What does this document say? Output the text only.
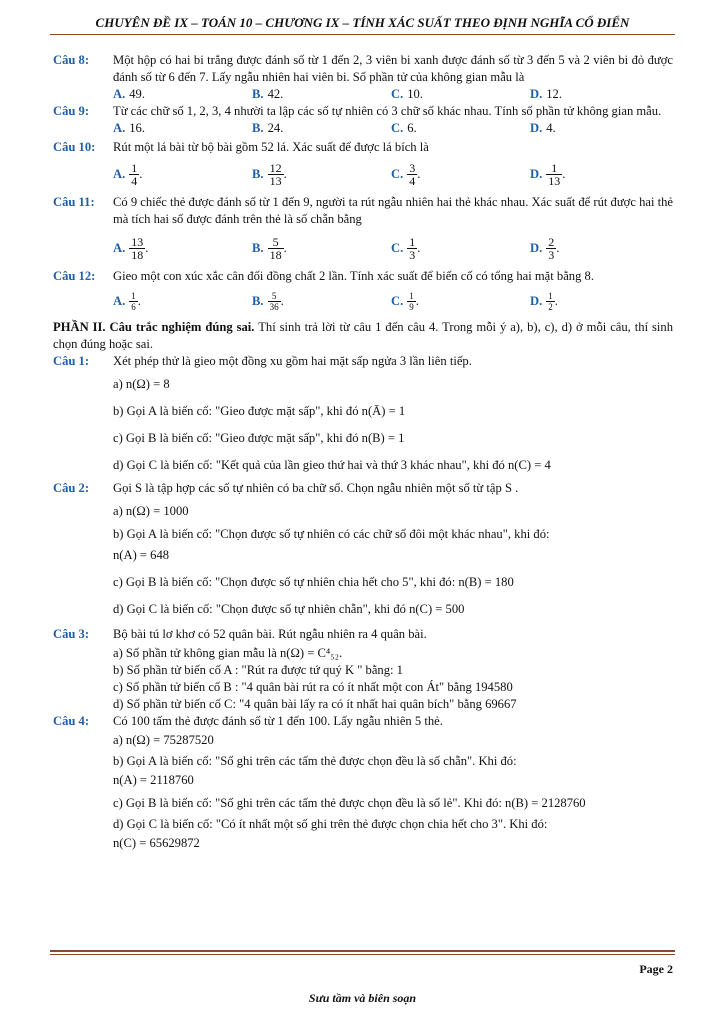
CHUYÊN ĐỀ IX – TOÁN 10 – CHƯƠNG IX – TÍNH XÁC SUẤT THEO ĐỊNH NGHĨA CỔ ĐIỂN
Câu 8:	Một hộp có hai bi trắng được đánh số từ 1 đến 2, 3 viên bi xanh được đánh số từ 3 đến 5 và 2 viên bi đỏ được đánh số từ 6 đến 7. Lấy ngẫu nhiên hai viên bi. Số phần tử của không gian mẫu là
A. 49.	B. 42.	C. 10.	D. 12.
Câu 9:	Từ các chữ số 1, 2, 3, 4 nhười ta lập các số tự nhiên có 3 chữ số khác nhau. Tính số phần tử không gian mẫu.
A. 16.	B. 24.	C. 6.	D. 4.
Câu 10:	Rút một lá bài từ bộ bài gồm 52 lá. Xác suất để được lá bích là
A. $\frac{1}{4}$ .	B. $\frac{12}{13}$ .	C. $\frac{3}{4}$ .	D. $\frac{1}{13}$ .
Câu 11:	Có 9 chiếc thẻ được đánh số từ 1 đến 9, người ta rút ngẫu nhiên hai thẻ khác nhau. Xác suất để rút được hai thẻ mà tích hai số được đánh trên thẻ là số chẵn bằng
A. $\frac{13}{18}$ .	B. $\frac{5}{18}$ .	C. $\frac{1}{3}$ .	D. $\frac{2}{3}$ .
Câu 12:	Gieo một con xúc xắc cân đối đồng chất 2 lần. Tính xác suất để biến cố có tổng hai mặt bằng 8.
A. $\frac{1}{6}$ .	B. $\frac{5}{36}$ .	C. $\frac{1}{9}$ .	D. $\frac{1}{2}$ .
PHẦN II. Câu trắc nghiệm đúng sai. Thí sinh trả lời từ câu 1 đến câu 4. Trong mỗi ý a), b), c), d) ở mỗi câu, thí sinh chọn đúng hoặc sai.
Câu 1:	Xét phép thử là gieo một đồng xu gồm hai mặt sấp ngửa 3 lần liên tiếp.
a) n(Ω) = 8
b) Gọi A là biến cố: "Gieo được mặt sấp", khi đó n(Ā) = 1
c) Gọi B là biến cố: "Gieo được mặt sấp", khi đó n(B) = 1
d) Gọi C là biến cố: "Kết quả của lần gieo thứ hai và thứ 3 khác nhau", khi đó n(C) = 4
Câu 2:	Gọi S là tập hợp các số tự nhiên có ba chữ số. Chọn ngẫu nhiên một số từ tập S .
a) n(Ω) = 1000
b) Gọi A là biến cố: "Chọn được số tự nhiên có các chữ số đôi một khác nhau", khi đó:
n(A) = 648
c) Gọi B là biến cố: "Chọn được số tự nhiên chia hết cho 5", khi đó: n(B) = 180
d) Gọi C là biến cố: "Chọn được số tự nhiên chẵn", khi đó n(C) = 500
Câu 3:	Bộ bài tú lơ khơ có 52 quân bài. Rút ngẫu nhiên ra 4 quân bài.
a) Số phần tử không gian mẫu là n(Ω) = C⁴₅₂.
b) Số phần tử biến cố A : "Rút ra được tứ quý K " bằng: 1
c) Số phần tử biến cố B : "4 quân bài rút ra có ít nhất một con Át" bằng 194580
d) Số phần tử biến cố C: "4 quân bài lấy ra có ít nhất hai quân bích" bằng 69667
Câu 4:	Có 100 tấm thẻ được đánh số từ 1 đến 100. Lấy ngẫu nhiên 5 thẻ.
a) n(Ω) = 75287520
b) Gọi A là biến cố: "Số ghi trên các tấm thẻ được chọn đều là số chẵn". Khi đó:
n(A) = 2118760
c) Gọi B là biến cố: "Số ghi trên các tấm thẻ được chọn đều là số lẻ". Khi đó: n(B) = 2128760
d) Gọi C là biến cố: "Có ít nhất một số ghi trên thẻ được chọn chia hết cho 3". Khi đó:
n(C) = 65629872
Page 2
Sưu tầm và biên soạn
